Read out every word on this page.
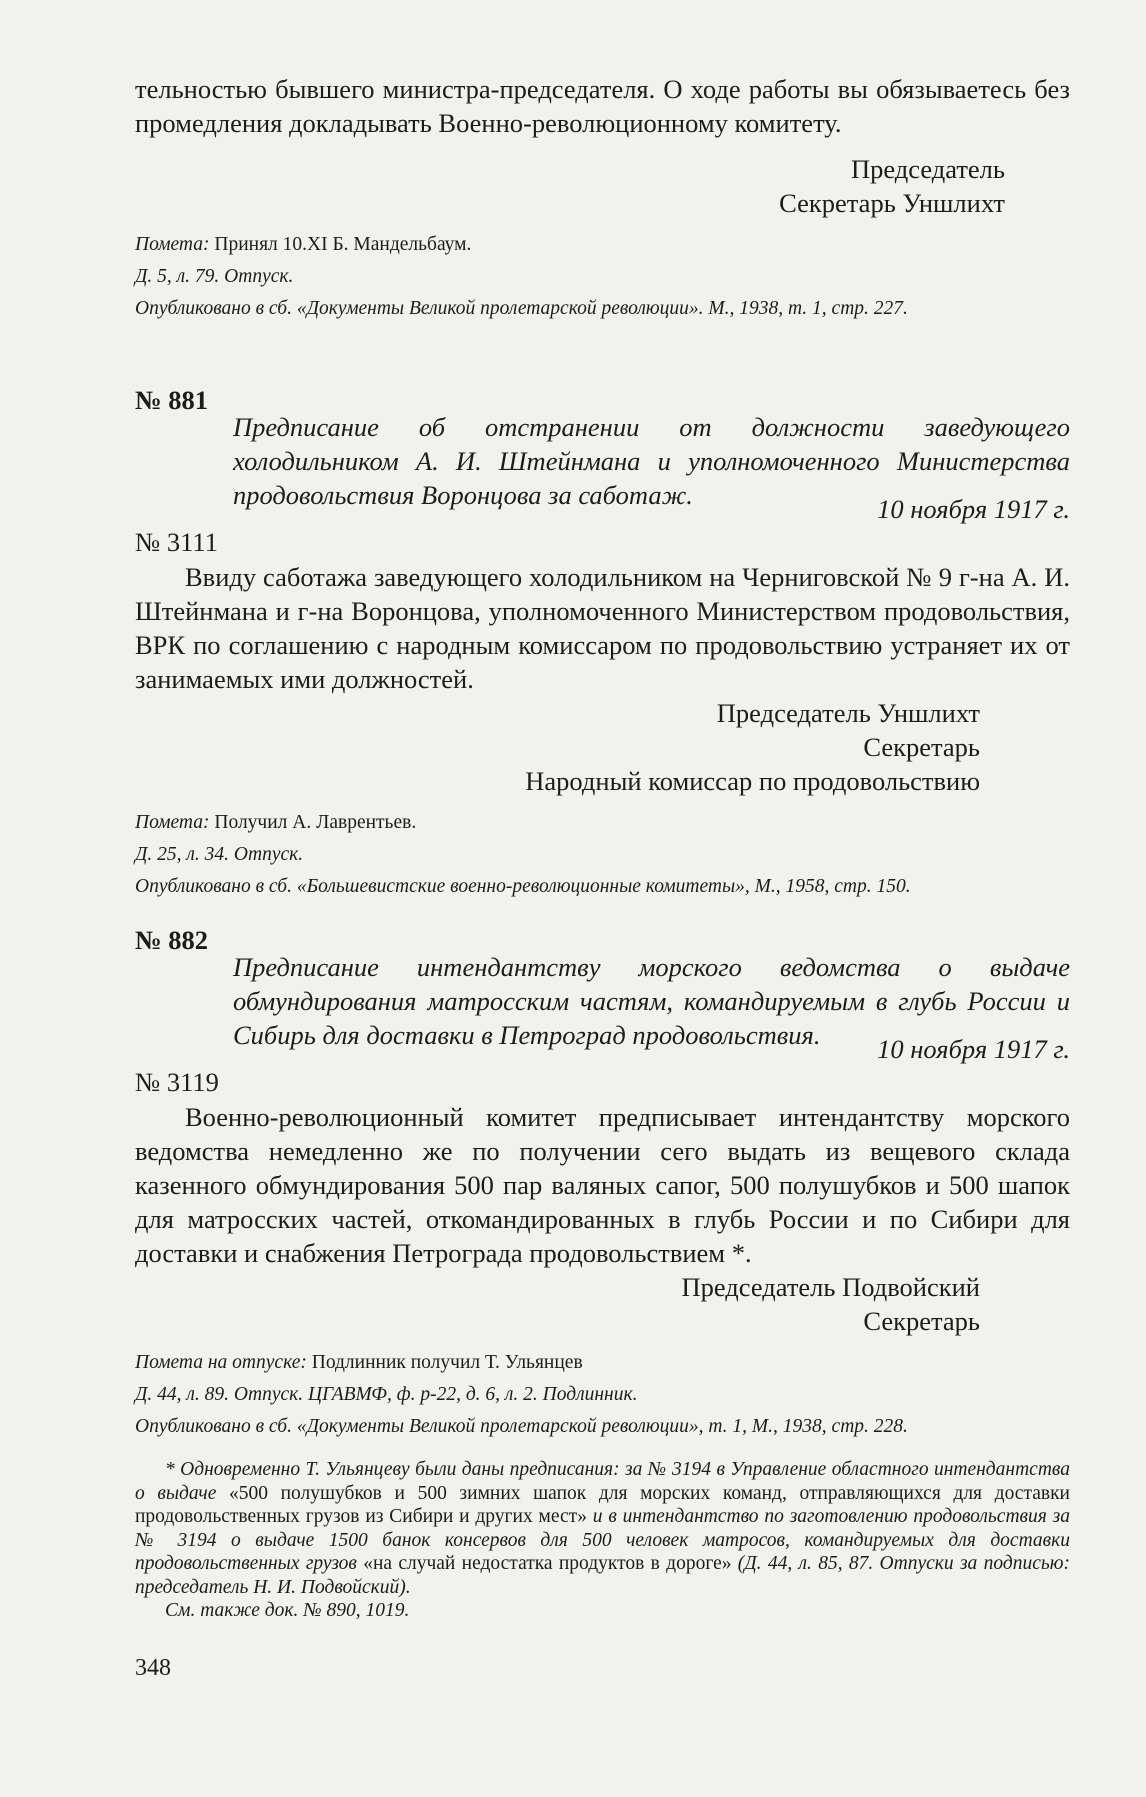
тельностью бывшего министра-председателя. О ходе работы вы обязываетесь без промедления докладывать Военно-революционному комитету.

Председатель

Секретарь Уншлихт

Помета: Принял 10.XI Б. Мандельбаум.

Д. 5, л. 79. Отпуск.

Опубликовано в сб. «Документы Великой пролетарской революции». М., 1938, т. 1, стр. 227.

№ 881

Предписание об отстранении от должности заведующего холодильником А. И. Штейнмана и уполномоченного Министерства продовольствия Воронцова за саботаж.	10 ноября 1917 г.
№ 3111

Ввиду саботажа заведующего холодильником на Черниговской № 9 г-на А. И. Штейнмана и г-на Воронцова, уполномоченного Министерством продовольствия, ВРК по соглашению с народным комиссаром по продовольствию устраняет их от занимаемых ими должностей.

Председатель Уншлихт

Секретарь

Народный комиссар по продовольствию

Помета: Получил А. Лаврентьев.

Д. 25, л. 34. Отпуск.

Опубликовано в сб. «Большевистские военно-революционные комитеты», М., 1958, стр. 150.

№ 882

Предписание интендантству морского ведомства о выдаче обмундирования матросским частям, командируемым в глубь России и Сибирь для доставки в Петроград продовольствия.	10 ноября 1917 г.
№ 3119

Военно-революционный комитет предписывает интендантству морского ведомства немедленно же по получении сего выдать из вещевого склада казенного обмундирования 500 пар валяных сапог, 500 полушубков и 500 шапок для матросских частей, откомандированных в глубь России и по Сибири для доставки и снабжения Петрограда продовольствием *.

Председатель Подвойский

Секретарь

Помета на отпуске: Подлинник получил Т. Ульянцев

Д. 44, л. 89. Отпуск. ЦГАВМФ, ф. р-22, д. 6, л. 2. Подлинник.

Опубликовано в сб. «Документы Великой пролетарской революции», т. 1, М., 1938, стр. 228.

* Одновременно Т. Ульянцеву были даны предписания: за № 3194 в Управление областного интендантства о выдаче «500 полушубков и 500 зимних шапок для морских команд, отправляющихся для доставки продовольственных грузов из Сибири и других мест» и в интендантство по заготовлению продовольствия за № 3194 о выдаче 1500 банок консервов для 500 человек матросов, командируемых для доставки продовольственных грузов «на случай недостатка продуктов в дороге» (Д. 44, л. 85, 87. Отпуски за подписью: председатель Н. И. Подвойский).

См. также док. № 890, 1019.

348
